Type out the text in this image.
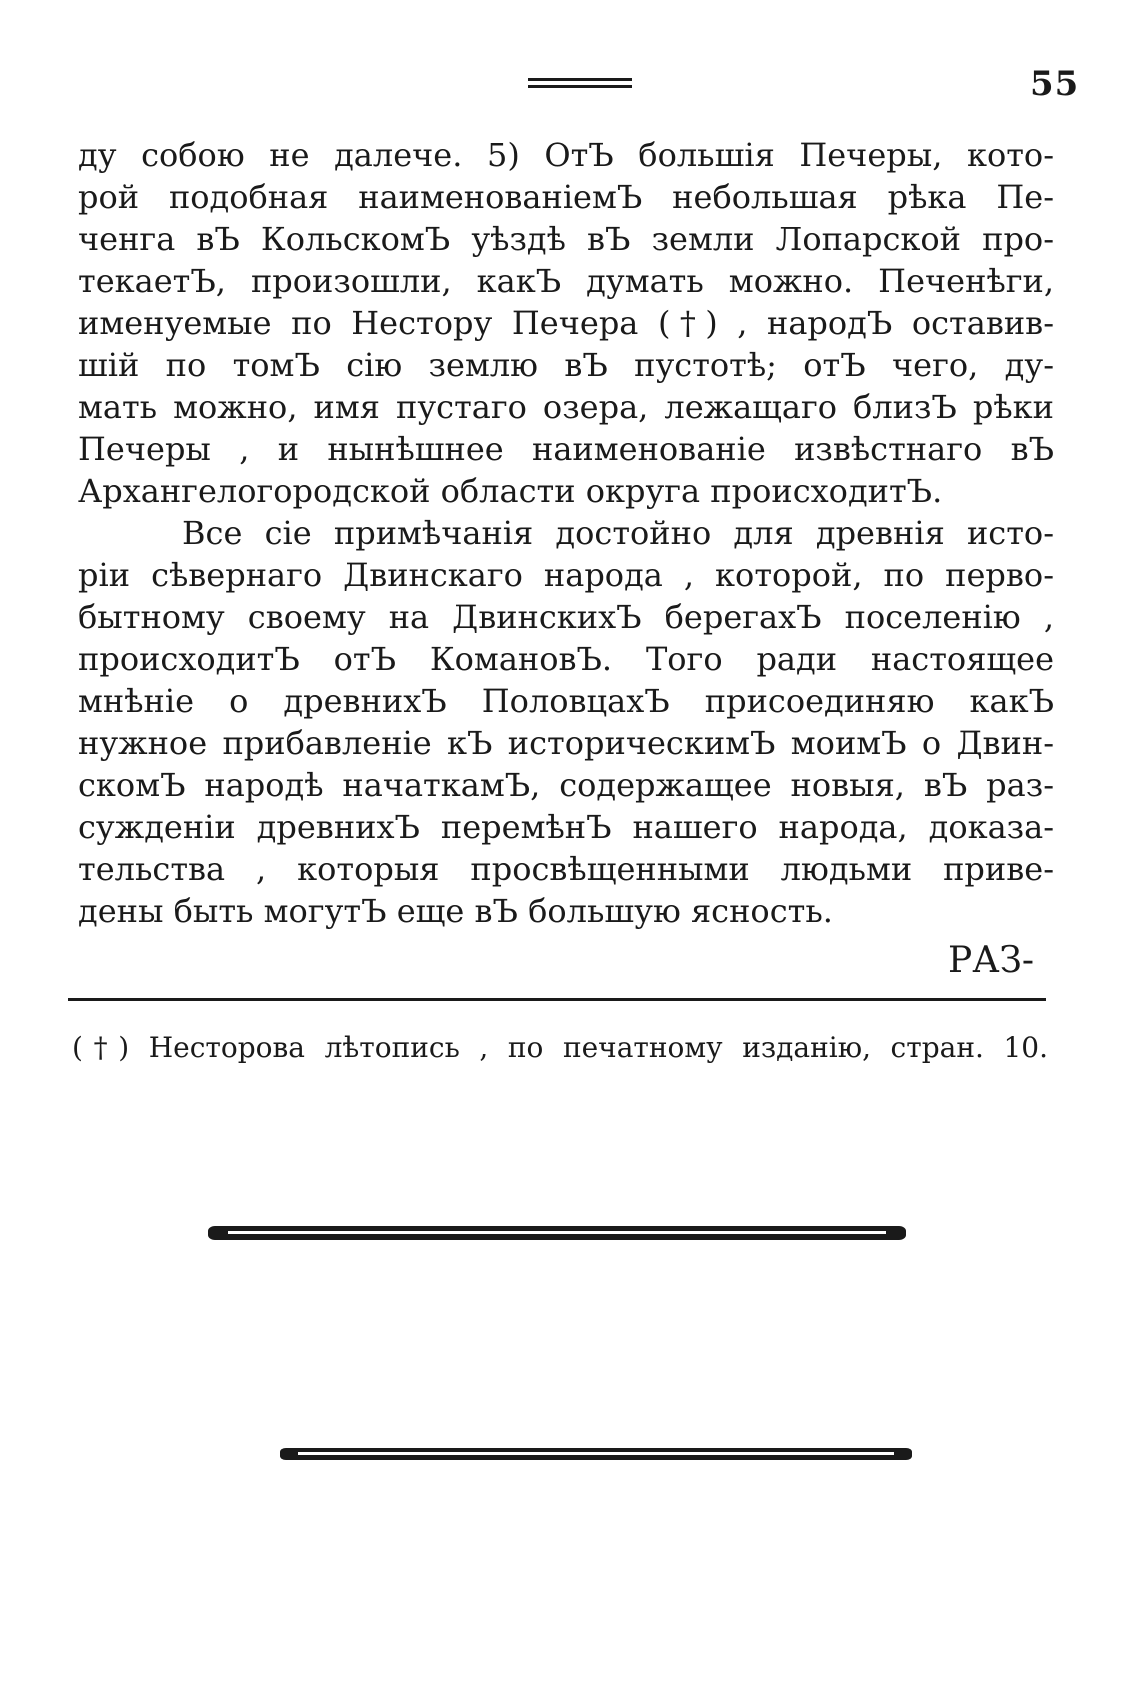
55
ду собою не далече. 5) ОтЪ большія Печеры, кото-
рой подобная наименованіемЪ небольшая рѣка Пе-
ченга вЪ КольскомЪ уѣздѣ вЪ земли Лопарской про-
текаетЪ, произошли, какЪ думать можно. Печенѣги,
именуемые по Нестору Печера (†) , народЪ оставив-
шій по томЪ сію землю вЪ пустотѣ; отЪ чего, ду-
мать можно, имя пустаго озера, лежащаго близЪ рѣки
Печеры , и нынѣшнее наименованіе извѣстнаго вЪ
Архангелогородской области округа происходитЪ.
Все сіе примѣчанія достойно для древнія исто-
ріи сѣвернаго Двинскаго народа , которой, по перво-
бытному своему на ДвинскихЪ берегахЪ поселенію ,
происходитЪ отЪ КомановЪ. Того ради настоящее
мнѣніе о древнихЪ ПоловцахЪ присоединяю какЪ
нужное прибавленіе кЪ историческимЪ моимЪ о Двин-
скомЪ народѣ начаткамЪ, содержащее новыя, вЪ раз-
сужденіи древнихЪ перемѣнЪ нашего народа, доказа-
тельства , которыя просвѣщенными людьми приве-
дены быть могутЪ еще вЪ большую ясность.
РАЗ-
(†) Несторова лѣтопись , по печатному изданію, стран. 10.
